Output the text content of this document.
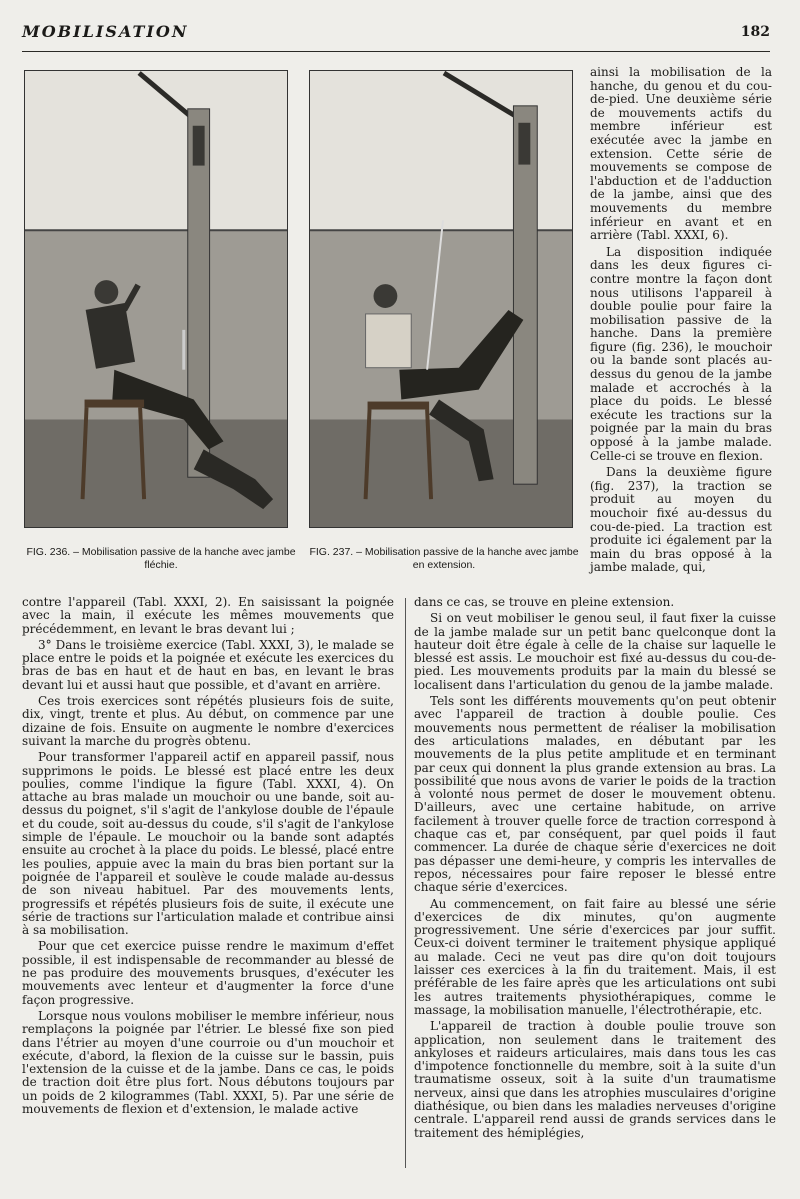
MOBILISATION	182
FIG. 236. – Mobilisation passive de la hanche avec jambe fléchie.
FIG. 237. – Mobilisation passive de la hanche avec jambe en extension.

ainsi la mobilisation de la hanche, du genou et du cou-de-pied. Une deuxième série de mouvements actifs du membre inférieur est exécutée avec la jambe en extension. Cette série de mouvements se compose de l'abduction et de l'adduction de la jambe, ainsi que des mouvements du membre inférieur en avant et en arrière (Tabl. XXXI, 6).

La disposition indiquée dans les deux figures ci-contre montre la façon dont nous utilisons l'appareil à double poulie pour faire la mobilisation passive de la hanche. Dans la première figure (fig. 236), le mouchoir ou la bande sont placés au-dessus du genou de la jambe malade et accrochés à la place du poids. Le blessé exécute les tractions sur la poignée par la main du bras opposé à la jambe malade. Celle-ci se trouve en flexion.

Dans la deuxième figure (fig. 237), la traction se produit au moyen du mouchoir fixé au-dessus du cou-de-pied. La traction est produite ici également par la main du bras opposé à la jambe malade, qui,

contre l'appareil (Tabl. XXXI, 2). En saisissant la poignée avec la main, il exécute les mêmes mouvements que précédemment, en levant le bras devant lui ;

3° Dans le troisième exercice (Tabl. XXXI, 3), le malade se place entre le poids et la poignée et exécute les exercices du bras de bas en haut et de haut en bas, en levant le bras devant lui et aussi haut que possible, et d'avant en arrière.

Ces trois exercices sont répétés plusieurs fois de suite, dix, vingt, trente et plus. Au début, on commence par une dizaine de fois. Ensuite on augmente le nombre d'exercices suivant la marche du progrès obtenu.

Pour transformer l'appareil actif en appareil passif, nous supprimons le poids. Le blessé est placé entre les deux poulies, comme l'indique la figure (Tabl. XXXI, 4). On attache au bras malade un mouchoir ou une bande, soit au-dessus du poignet, s'il s'agit de l'ankylose double de l'épaule et du coude, soit au-dessus du coude, s'il s'agit de l'ankylose simple de l'épaule. Le mouchoir ou la bande sont adaptés ensuite au crochet à la place du poids. Le blessé, placé entre les poulies, appuie avec la main du bras bien portant sur la poignée de l'appareil et soulève le coude malade au-dessus de son niveau habituel. Par des mouvements lents, progressifs et répétés plusieurs fois de suite, il exécute une série de tractions sur l'articulation malade et contribue ainsi à sa mobilisation.

Pour que cet exercice puisse rendre le maximum d'effet possible, il est indispensable de recommander au blessé de ne pas produire des mouvements brusques, d'exécuter les mouvements avec lenteur et d'augmenter la force d'une façon progressive.

Lorsque nous voulons mobiliser le membre inférieur, nous remplaçons la poignée par l'étrier. Le blessé fixe son pied dans l'étrier au moyen d'une courroie ou d'un mouchoir et exécute, d'abord, la flexion de la cuisse sur le bassin, puis l'extension de la cuisse et de la jambe. Dans ce cas, le poids de traction doit être plus fort. Nous débutons toujours par un poids de 2 kilogrammes (Tabl. XXXI, 5). Par une série de mouvements de flexion et d'extension, le malade active

dans ce cas, se trouve en pleine extension.

Si on veut mobiliser le genou seul, il faut fixer la cuisse de la jambe malade sur un petit banc quelconque dont la hauteur doit être égale à celle de la chaise sur laquelle le blessé est assis. Le mouchoir est fixé au-dessus du cou-de-pied. Les mouvements produits par la main du blessé se localisent dans l'articulation du genou de la jambe malade.

Tels sont les différents mouvements qu'on peut obtenir avec l'appareil de traction à double poulie. Ces mouvements nous permettent de réaliser la mobilisation des articulations malades, en débutant par les mouvements de la plus petite amplitude et en terminant par ceux qui donnent la plus grande extension au bras. La possibilité que nous avons de varier le poids de la traction à volonté nous permet de doser le mouvement obtenu. D'ailleurs, avec une certaine habitude, on arrive facilement à trouver quelle force de traction correspond à chaque cas et, par conséquent, par quel poids il faut commencer. La durée de chaque série d'exercices ne doit pas dépasser une demi-heure, y compris les intervalles de repos, nécessaires pour faire reposer le blessé entre chaque série d'exercices.

Au commencement, on fait faire au blessé une série d'exercices de dix minutes, qu'on augmente progressivement. Une série d'exercices par jour suffit. Ceux-ci doivent terminer le traitement physique appliqué au malade. Ceci ne veut pas dire qu'on doit toujours laisser ces exercices à la fin du traitement. Mais, il est préférable de les faire après que les articulations ont subi les autres traitements physiothérapiques, comme le massage, la mobilisation manuelle, l'électrothérapie, etc.

L'appareil de traction à double poulie trouve son application, non seulement dans le traitement des ankyloses et raideurs articulaires, mais dans tous les cas d'impotence fonctionnelle du membre, soit à la suite d'un traumatisme osseux, soit à la suite d'un traumatisme nerveux, ainsi que dans les atrophies musculaires d'origine diathésique, ou bien dans les maladies nerveuses d'origine centrale. L'appareil rend aussi de grands services dans le traitement des hémiplégies,
